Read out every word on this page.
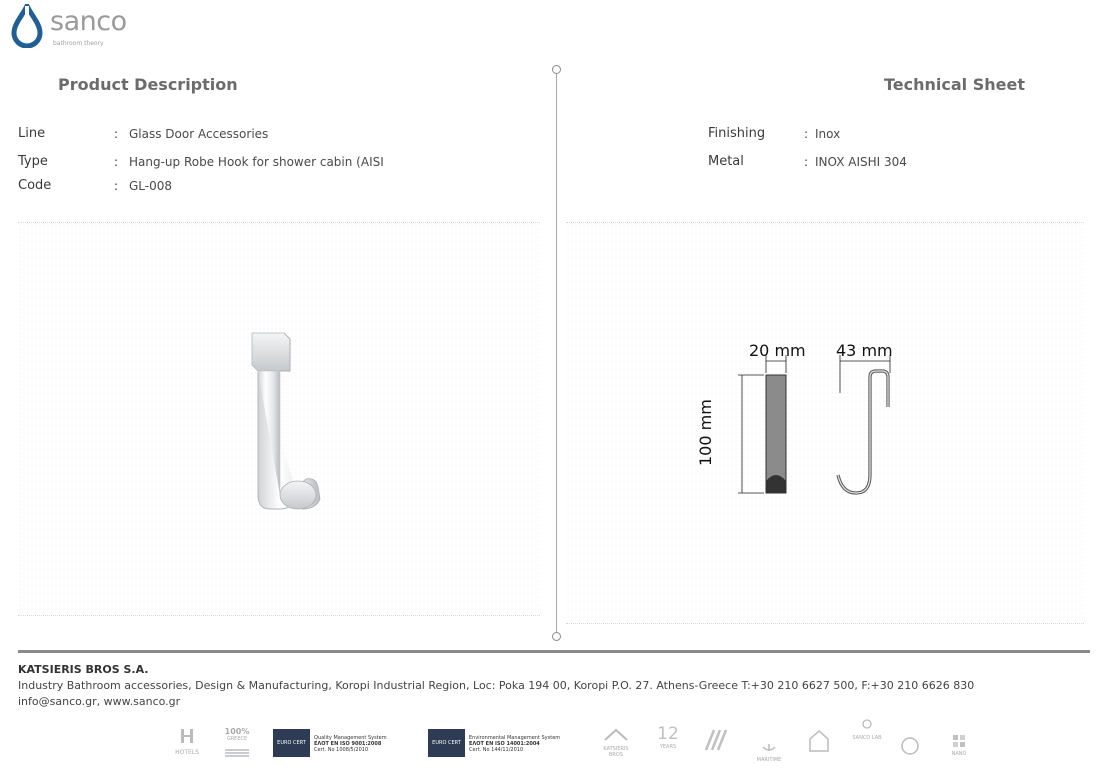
sanco
bathroom theory
Product Description
Line	: Glass Door Accessories
Type	: Hang-up Robe Hook for shower cabin (AISI
Code	: GL-008
Technical Sheet
Finishing	: Inox
Metal	: INOX AISHI 304
20 mm 43 mm
100 mm
KATSIERIS BROS S.A.
Industry Bathroom accessories, Design & Manufacturing, Koropi Industrial Region, Loc: Poka 194 00, Koropi P.O. 27. Athens-Greece T:+30 210 6627 500, F:+30 210 6626 830
info@sanco.gr, www.sanco.gr
HOTELS
100%
GREECE
EURO CERT
Quality Management System
ΕΛΟΤ EN ISO 9001:2008
Cert. No 1008/5/2010
EURO CERT
Environmental Management System
ΕΛΟΤ EN ISO 14001:2004
Cert. No 144/11/2010	KATSIERIS BROS
12
YEARS
MARITIME
SANCO LAB
NANO
